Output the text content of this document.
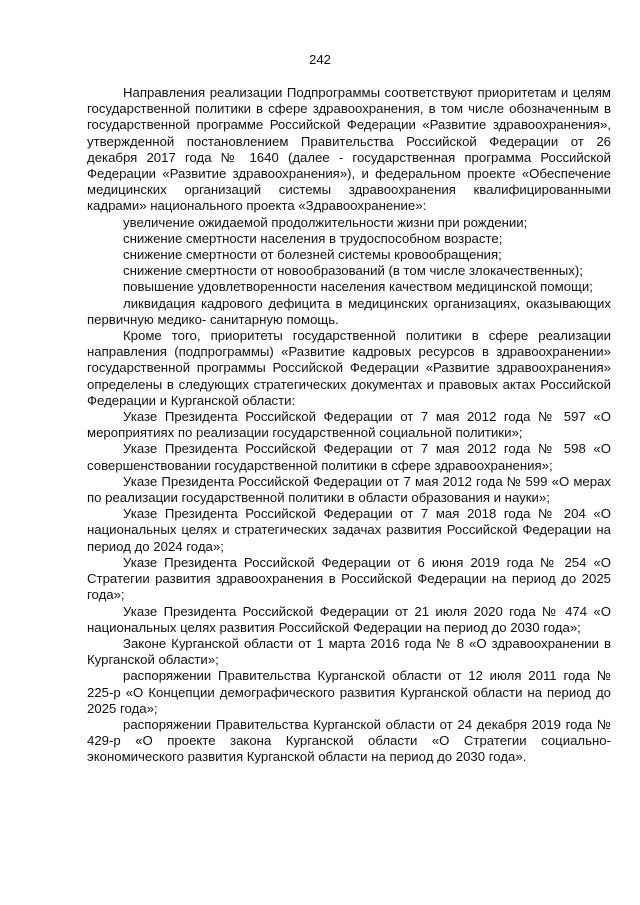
242

Направления реализации Подпрограммы соответствуют приоритетам и целям государственной политики в сфере здравоохранения, в том числе обозначенным в государственной программе Российской Федерации «Развитие здравоохранения», утвержденной постановлением Правительства Российской Федерации от 26 декабря 2017 года № 1640 (далее - государственная программа Российской Федерации «Развитие здравоохранения»), и федеральном проекте «Обеспечение медицинских организаций системы здравоохранения квалифицированными кадрами» национального проекта «Здравоохранение»:

увеличение ожидаемой продолжительности жизни при рождении;

снижение смертности населения в трудоспособном возрасте;

снижение смертности от болезней системы кровообращения;

снижение смертности от новообразований (в том числе злокачественных);

повышение удовлетворенности населения качеством медицинской помощи;

ликвидация кадрового дефицита в медицинских организациях, оказывающих первичную медико- санитарную помощь.

Кроме того, приоритеты государственной политики в сфере реализации направления (подпрограммы) «Развитие кадровых ресурсов в здравоохранении» государственной программы Российской Федерации «Развитие здравоохранения» определены в следующих стратегических документах и правовых актах Российской Федерации и Курганской области:

Указе Президента Российской Федерации от 7 мая 2012 года № 597 «О мероприятиях по реализации государственной социальной политики»;

Указе Президента Российской Федерации от 7 мая 2012 года № 598 «О совершенствовании государственной политики в сфере здравоохранения»;

Указе Президента Российской Федерации от 7 мая 2012 года № 599 «О мерах по реализации государственной политики в области образования и науки»;

Указе Президента Российской Федерации от 7 мая 2018 года № 204 «О национальных целях и стратегических задачах развития Российской Федерации на период до 2024 года»;

Указе Президента Российской Федерации от 6 июня 2019 года № 254 «О Стратегии развития здравоохранения в Российской Федерации на период до 2025 года»;

Указе Президента Российской Федерации от 21 июля 2020 года № 474 «О национальных целях развития Российской Федерации на период до 2030 года»;

Законе Курганской области от 1 марта 2016 года № 8 «О здравоохранении в Курганской области»;

распоряжении Правительства Курганской области от 12 июля 2011 года № 225-р «О Концепции демографического развития Курганской области на период до 2025 года»;

распоряжении Правительства Курганской области от 24 декабря 2019 года № 429-р «О проекте закона Курганской области «О Стратегии социально-экономического развития Курганской области на период до 2030 года».
